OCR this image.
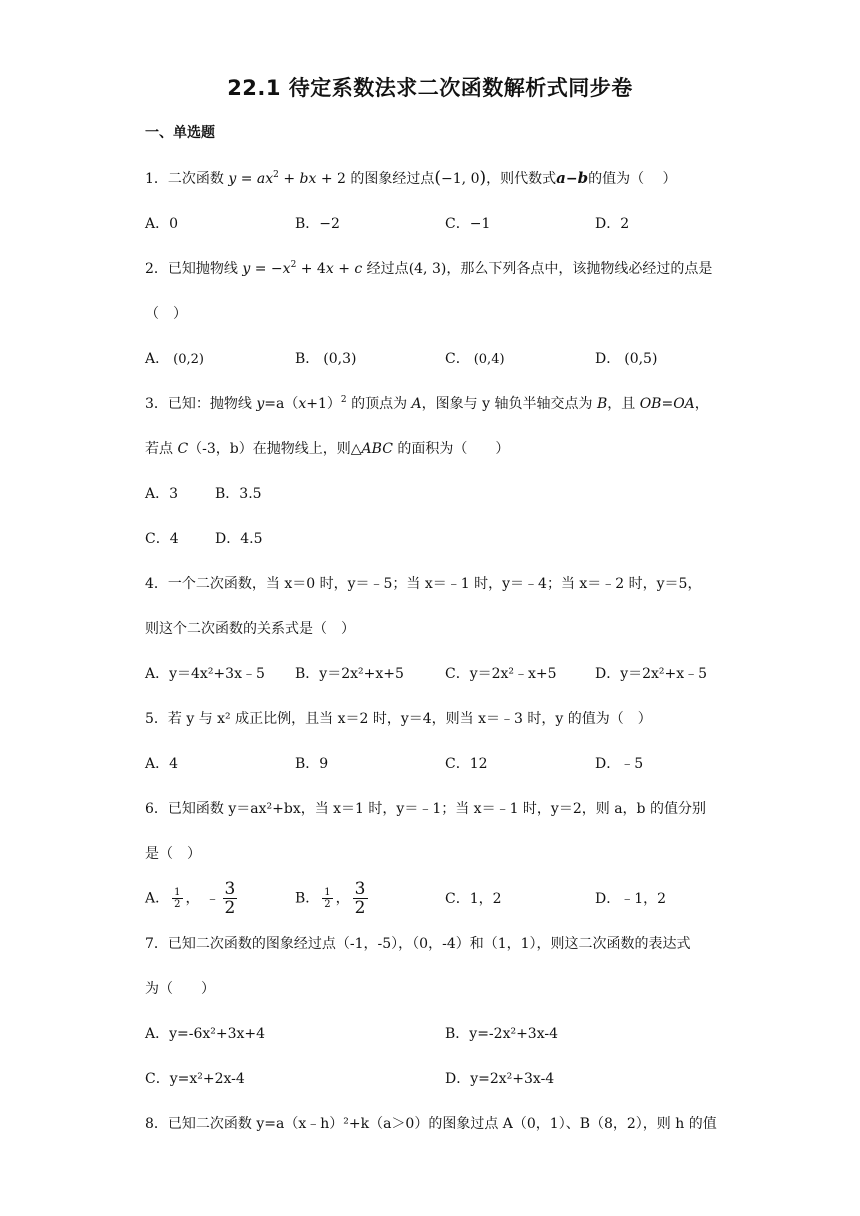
22.1 待定系数法求二次函数解析式同步卷
一、单选题
1．二次函数 $y = ax^2$ + bx + 2 的图象经过点(−1, 0)，则代数式a−b的值为（　 ）
A．0	B．−2	C．−1	D．2
2．已知抛物线 $y = -x^2 + 4x + c$ 经过点(4, 3)，那么下列各点中，该抛物线必经过的点是
（　）
A． (0,2)	B． (0,3)	C． (0,4)	D． (0,5)
3．已知：抛物线 $y=a(x+1)^2$ 的顶点为 A，图象与 y 轴负半轴交点为 B，且 OB=OA，
若点 C（-3，b）在抛物线上，则△ABC 的面积为（　　）
A．3	B．3.5
C．4	D．4.5
4．一个二次函数，当 x＝0 时，y＝﹣5；当 x＝﹣1 时，y＝﹣4；当 x＝﹣2 时，y＝5，
则这个二次函数的关系式是（　）
A．y＝4x²+3x﹣5 B．y＝2x²+x+5	C．y＝2x²﹣x+5	D．y＝2x²+x﹣5
5．若 y 与 x² 成正比例，且当 x＝2 时，y＝4，则当 x＝﹣3 时，y 的值为（　）
A．4	B．9	C．12	D．﹣5
6．已知函数 y＝ax²+bx，当 x＝1 时，y＝﹣1；当 x＝﹣1 时，y＝2，则 a，b 的值分别
是（　）
A． $\frac{1}{2}$ ， ﹣ $\frac{3}{2}$	B． $\frac{1}{2}$ ， $\frac{3}{2}$	C．1，2	D．﹣1，2
7．已知二次函数的图象经过点（-1，-5），（0，-4）和（1，1），则这二次函数的表达式
为（　　）
A．y=-6x²+3x+4	B．y=-2x²+3x-4
C．y=x²+2x-4	D．y=2x²+3x-4
8．已知二次函数 y=a（x﹣h）²+k（a＞0）的图象过点 A（0，1）、B（8，2），则 h 的值
